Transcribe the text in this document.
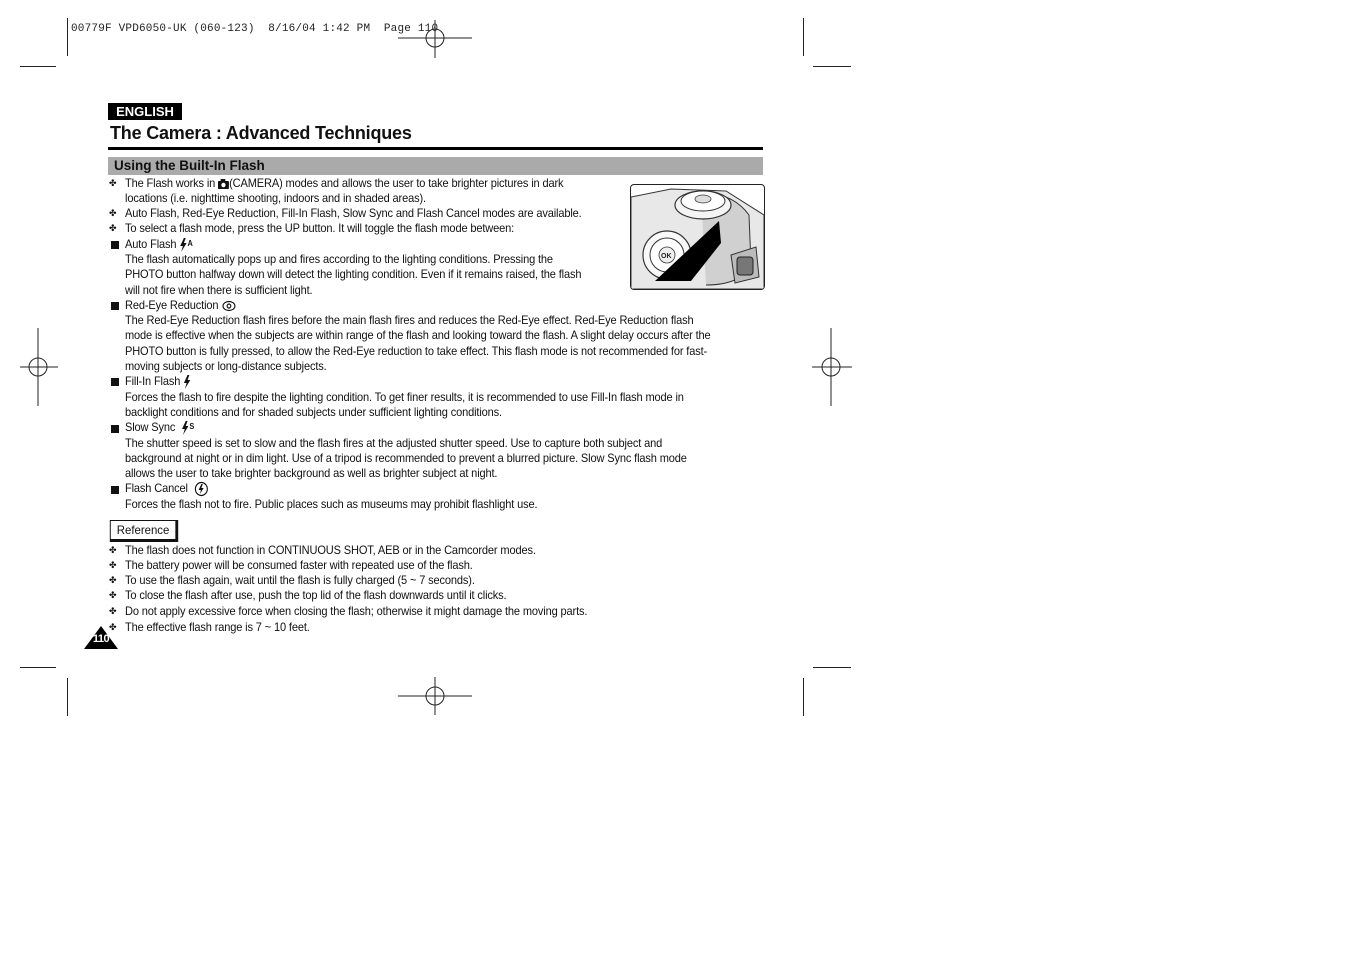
00779F VPD6050-UK (060-123)  8/16/04 1:42 PM  Page 110
ENGLISH
The Camera : Advanced Techniques
Using the Built-In Flash
OK
✤ The Flash works in (CAMERA) modes and allows the user to take brighter pictures in dark
locations (i.e. nighttime shooting, indoors and in shaded areas).
✤ Auto Flash, Red-Eye Reduction, Fill-In Flash, Slow Sync and Flash Cancel modes are available.
✤ To select a flash mode, press the UP button. It will toggle the flash mode between:
Auto Flash A
The flash automatically pops up and fires according to the lighting conditions. Pressing the
PHOTO button halfway down will detect the lighting condition. Even if it remains raised, the flash
will not fire when there is sufficient light.
Red-Eye Reduction
The Red-Eye Reduction flash fires before the main flash fires and reduces the Red-Eye effect. Red-Eye Reduction flash
mode is effective when the subjects are within range of the flash and looking toward the flash. A slight delay occurs after the
PHOTO button is fully pressed, to allow the Red-Eye reduction to take effect. This flash mode is not recommended for fast-
moving subjects or long-distance subjects.
Fill-In Flash
Forces the flash to fire despite the lighting condition. To get finer results, it is recommended to use Fill-In flash mode in
backlight conditions and for shaded subjects under sufficient lighting conditions.
Slow Sync S
The shutter speed is set to slow and the flash fires at the adjusted shutter speed. Use to capture both subject and
background at night or in dim light. Use of a tripod is recommended to prevent a blurred picture. Slow Sync flash mode
allows the user to take brighter background as well as brighter subject at night.
Flash Cancel
Forces the flash not to fire. Public places such as museums may prohibit flashlight use.
Reference
✤ The flash does not function in CONTINUOUS SHOT, AEB or in the Camcorder modes.
✤ The battery power will be consumed faster with repeated use of the flash.
✤ To use the flash again, wait until the flash is fully charged (5 ~ 7 seconds).
✤ To close the flash after use, push the top lid of the flash downwards until it clicks.
✤ Do not apply excessive force when closing the flash; otherwise it might damage the moving parts.
✤ The effective flash range is 7 ~ 10 feet.
110
